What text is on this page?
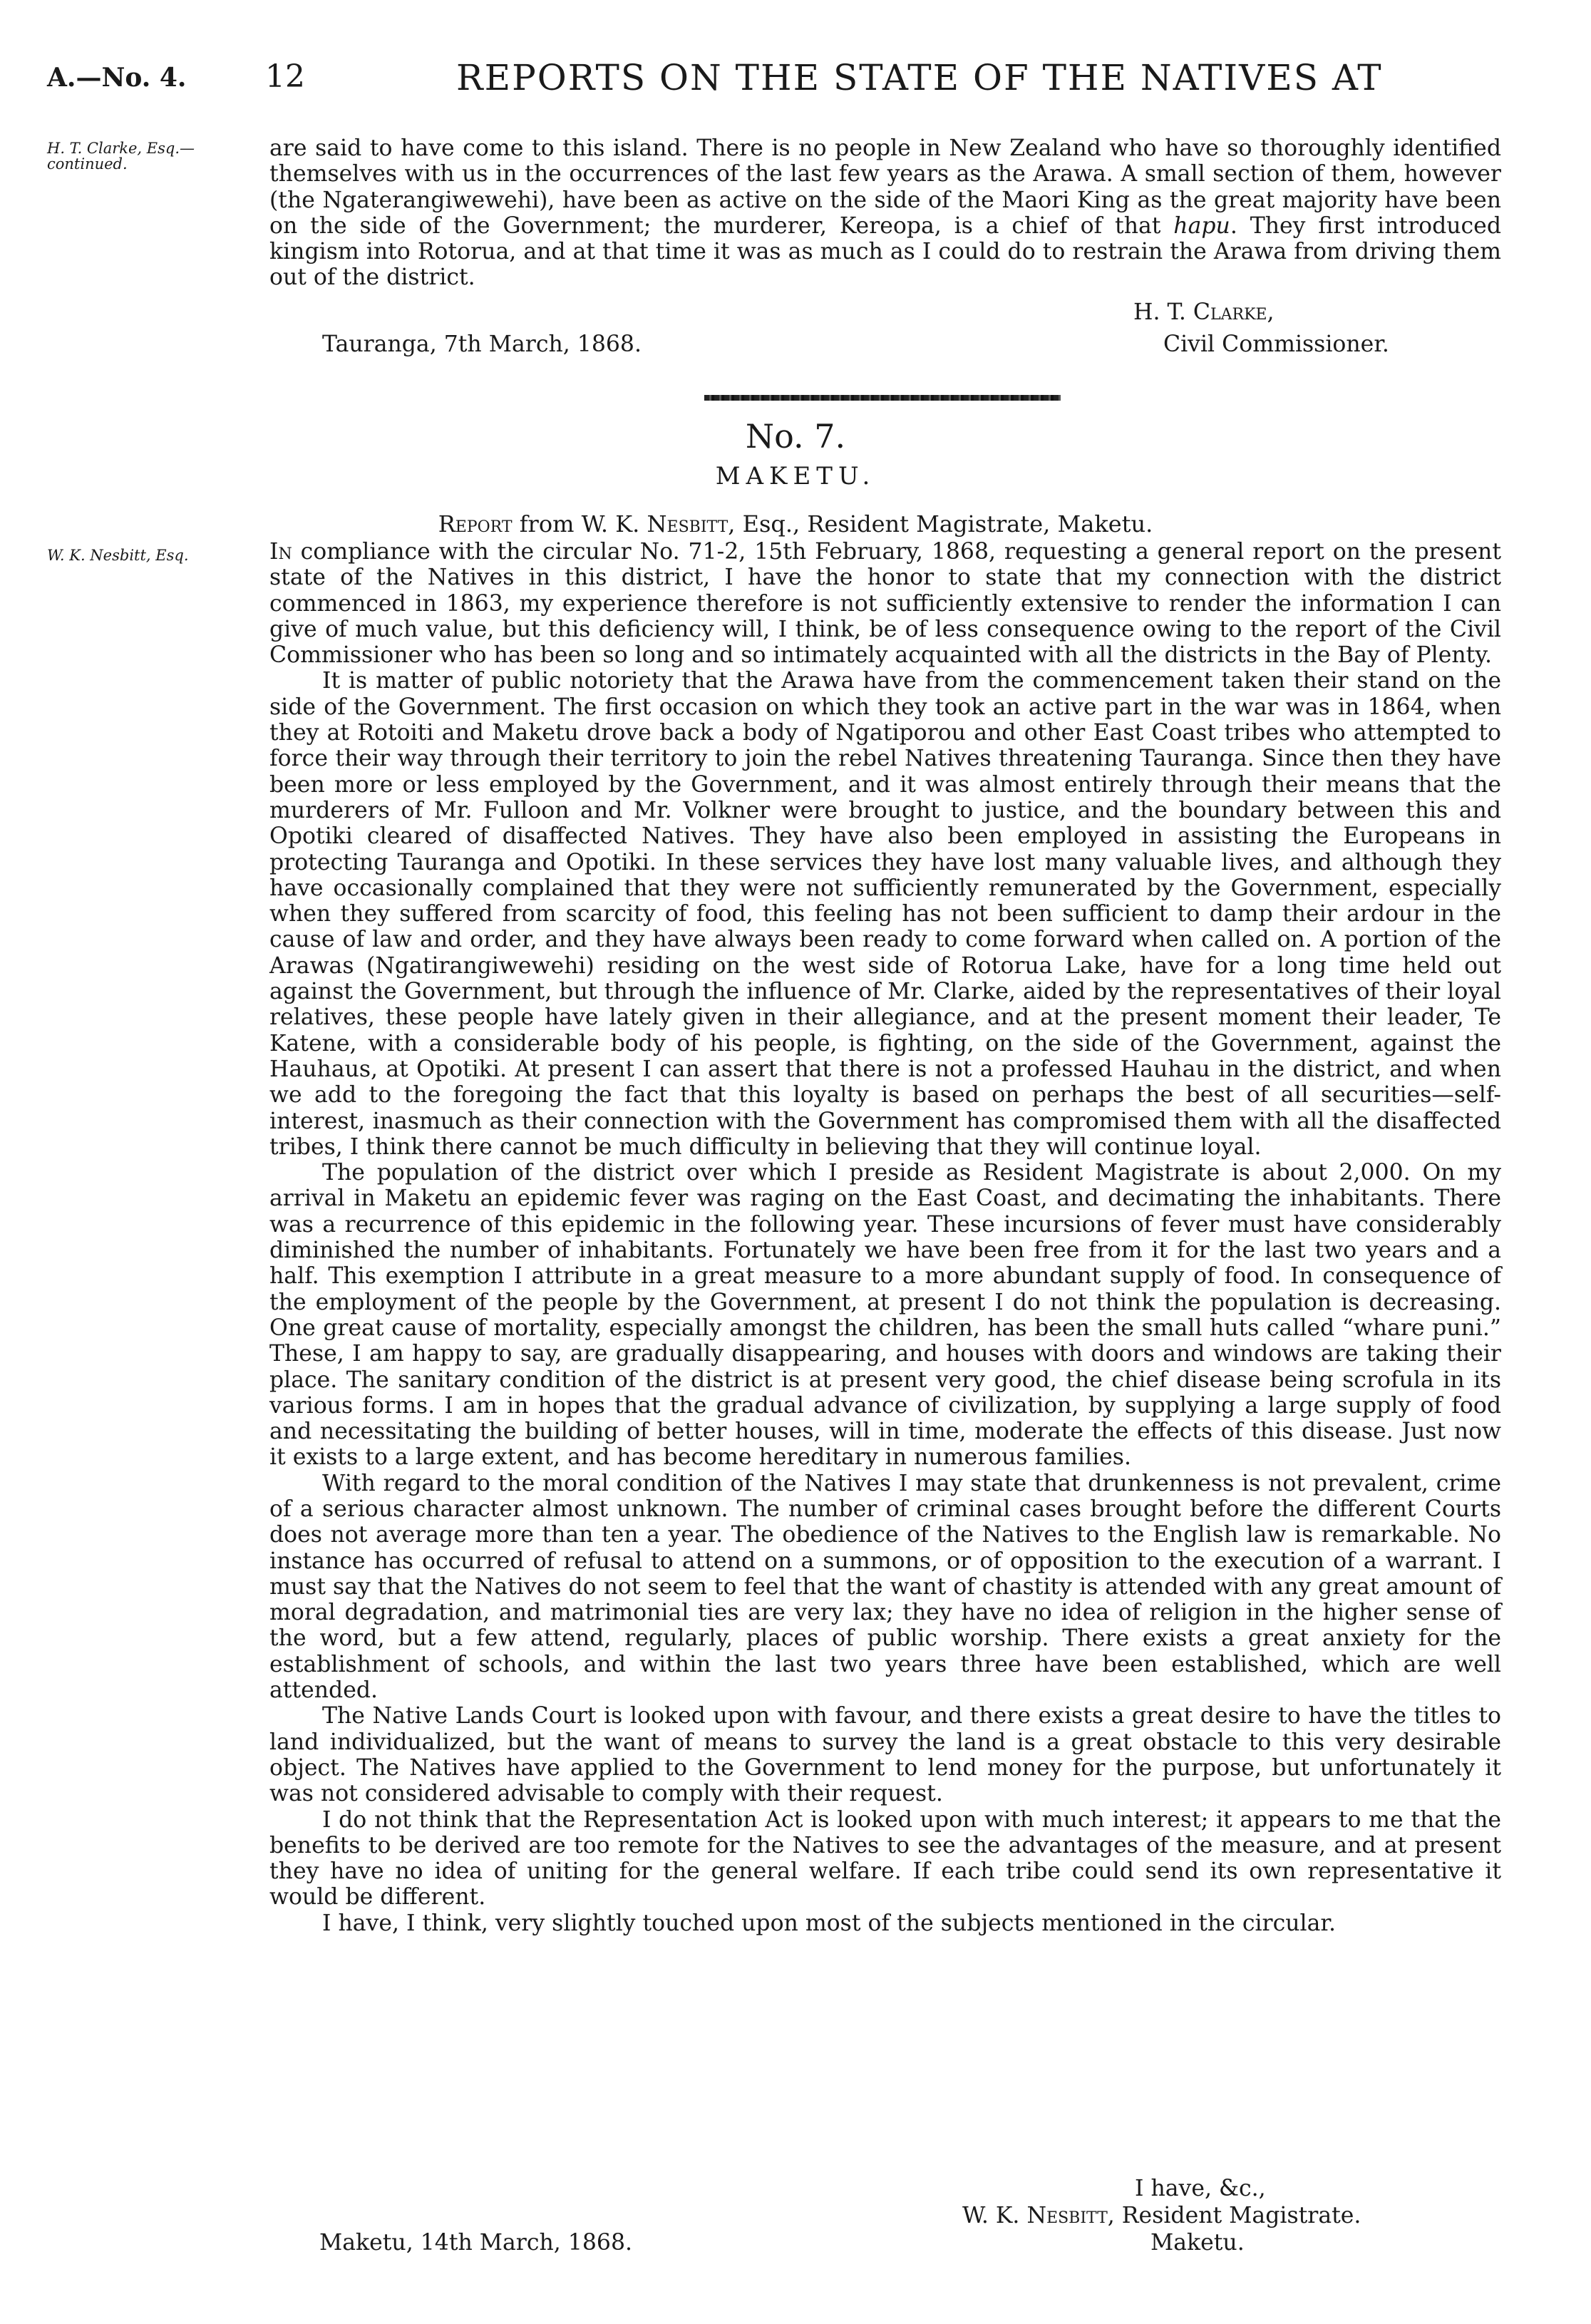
A.—No. 4.	12	REPORTS ON THE STATE OF THE NATIVES AT
H. T. Clarke, Esq.—
continued.

are said to have come to this island. There is no people in New Zealand who have so thoroughly identified themselves with us in the occurrences of the last few years as the Arawa. A small section of them, however (the Ngaterangiwewehi), have been as active on the side of the Maori King as the great majority have been on the side of the Government; the murderer, Kereopa, is a chief of that hapu. They first introduced kingism into Rotorua, and at that time it was as much as I could do to restrain the Arawa from driving them out of the district.

H. T. Clarke,
Tauranga, 7th March, 1868.	Civil Commissioner.
No. 7.
MAKETU.
Report from W. K. Nesbitt, Esq., Resident Magistrate, Maketu.
W. K. Nesbitt, Esq.	In compliance with the circular No. 71-2, 15th February, 1868, requesting a general report on the present state of the Natives in this district, I have the honor to state that my connection with the district commenced in 1863, my experience therefore is not sufficiently extensive to render the information I can give of much value, but this deficiency will, I think, be of less consequence owing to the report of the Civil Commissioner who has been so long and so intimately acquainted with all the districts in the Bay of Plenty.

It is matter of public notoriety that the Arawa have from the commencement taken their stand on the side of the Government. The first occasion on which they took an active part in the war was in 1864, when they at Rotoiti and Maketu drove back a body of Ngatiporou and other East Coast tribes who attempted to force their way through their territory to join the rebel Natives threatening Tauranga. Since then they have been more or less employed by the Government, and it was almost entirely through their means that the murderers of Mr. Fulloon and Mr. Volkner were brought to justice, and the boundary between this and Opotiki cleared of disaffected Natives. They have also been employed in assisting the Europeans in protecting Tauranga and Opotiki. In these services they have lost many valuable lives, and although they have occasionally complained that they were not sufficiently remunerated by the Government, especially when they suffered from scarcity of food, this feeling has not been sufficient to damp their ardour in the cause of law and order, and they have always been ready to come forward when called on. A portion of the Arawas (Ngatirangiwewehi) residing on the west side of Rotorua Lake, have for a long time held out against the Government, but through the influence of Mr. Clarke, aided by the representatives of their loyal relatives, these people have lately given in their allegiance, and at the present moment their leader, Te Katene, with a considerable body of his people, is fighting, on the side of the Government, against the Hauhaus, at Opotiki. At present I can assert that there is not a professed Hauhau in the district, and when we add to the foregoing the fact that this loyalty is based on perhaps the best of all securities—self-interest, inasmuch as their connection with the Government has compromised them with all the disaffected tribes, I think there cannot be much difficulty in believing that they will continue loyal.

The population of the district over which I preside as Resident Magistrate is about 2,000. On my arrival in Maketu an epidemic fever was raging on the East Coast, and decimating the inhabitants. There was a recurrence of this epidemic in the following year. These incursions of fever must have considerably diminished the number of inhabitants. Fortunately we have been free from it for the last two years and a half. This exemption I attribute in a great measure to a more abundant supply of food. In consequence of the employment of the people by the Government, at present I do not think the population is decreasing. One great cause of mortality, especially amongst the children, has been the small huts called “whare puni.” These, I am happy to say, are gradually disappearing, and houses with doors and windows are taking their place. The sanitary condition of the district is at present very good, the chief disease being scrofula in its various forms. I am in hopes that the gradual advance of civilization, by supplying a large supply of food and necessitating the building of better houses, will in time, moderate the effects of this disease. Just now it exists to a large extent, and has become hereditary in numerous families.

With regard to the moral condition of the Natives I may state that drunkenness is not prevalent, crime of a serious character almost unknown. The number of criminal cases brought before the different Courts does not average more than ten a year. The obedience of the Natives to the English law is remarkable. No instance has occurred of refusal to attend on a summons, or of opposition to the execution of a warrant. I must say that the Natives do not seem to feel that the want of chastity is attended with any great amount of moral degradation, and matrimonial ties are very lax; they have no idea of religion in the higher sense of the word, but a few attend, regularly, places of public worship. There exists a great anxiety for the establishment of schools, and within the last two years three have been established, which are well attended.

The Native Lands Court is looked upon with favour, and there exists a great desire to have the titles to land individualized, but the want of means to survey the land is a great obstacle to this very desirable object. The Natives have applied to the Government to lend money for the purpose, but unfortunately it was not considered advisable to comply with their request.

I do not think that the Representation Act is looked upon with much interest; it appears to me that the benefits to be derived are too remote for the Natives to see the advantages of the measure, and at present they have no idea of uniting for the general welfare. If each tribe could send its own representative it would be different.

I have, I think, very slightly touched upon most of the subjects mentioned in the circular.

I have, &c.,
W. K. Nesbitt, Resident Magistrate.
Maketu, 14th March, 1868.	Maketu.
